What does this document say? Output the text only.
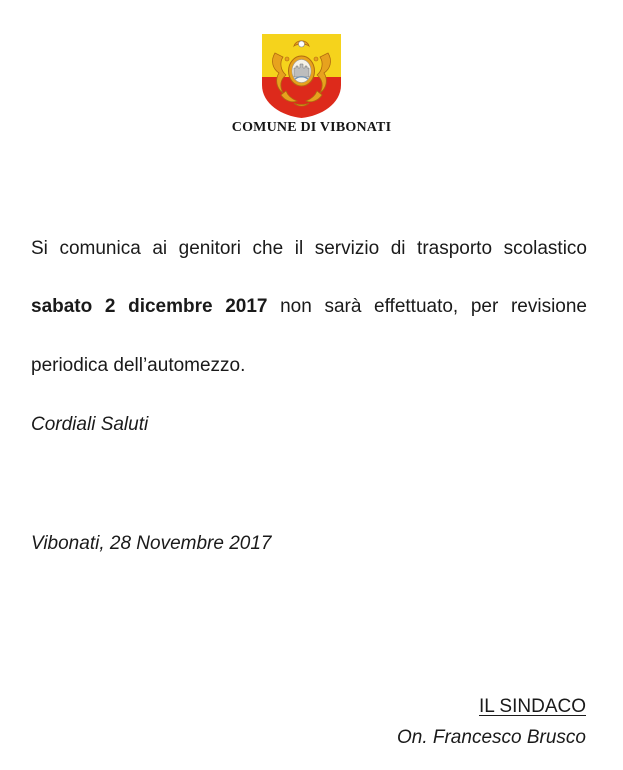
COMUNE DI VIBONATI
Si comunica ai genitori che il servizio di trasporto scolastico
sabato 2 dicembre 2017 non sarà effettuato, per revisione
periodica dell’automezzo.
Cordiali Saluti
Vibonati, 28 Novembre 2017
IL SINDACO
On. Francesco Brusco
